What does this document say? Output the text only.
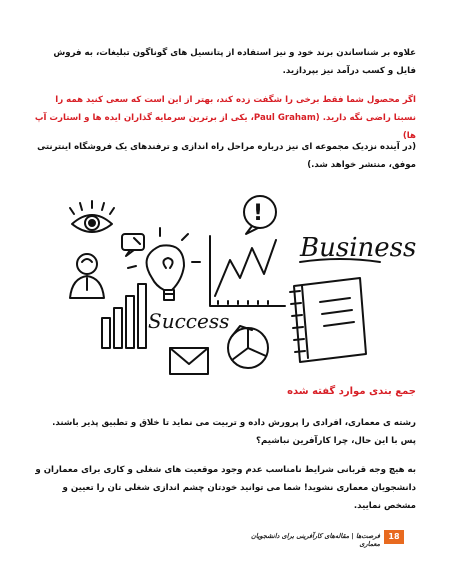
علاوه بر شناساندن برند خود و نیز استفاده از پتانسیل های گوناگون تبلیغات، به فروش فایل و کسب درآمد نیز بپردازید.
اگر محصول شما فقط برخی را شگفت زده کند، بهتر از این است که سعی کنید همه را نسبتا راضی نگه دارید. (Paul Graham، یکی از برترین سرمایه گذاران ایده ها و استارت آپ ها)
(در آینده نزدیک مجموعه ای نیز درباره مراحل راه اندازی و ترفندهای یک فروشگاه اینترنتی موفق، منتشر خواهد شد.)
!
Business
Success
جمع بندی موارد گفته شده
رشته ی معماری، افرادی را پرورش داده و تربیت می نماید تا خلاق و تطبیق پذیر باشند. پس با این حال، چرا کارآفرین نباشیم؟
به هیچ وجه قربانی شرایط نامناسب عدم وجود موقعیت های شغلی و کاری برای معماران و دانشجویان معماری نشوید! شما می توانید خودتان چشم اندازی شغلی تان را تعیین و مشخص نمایید.
فرصت‌ها | مقاله‌های کارآفرینی برای دانشجویان معماری
18
